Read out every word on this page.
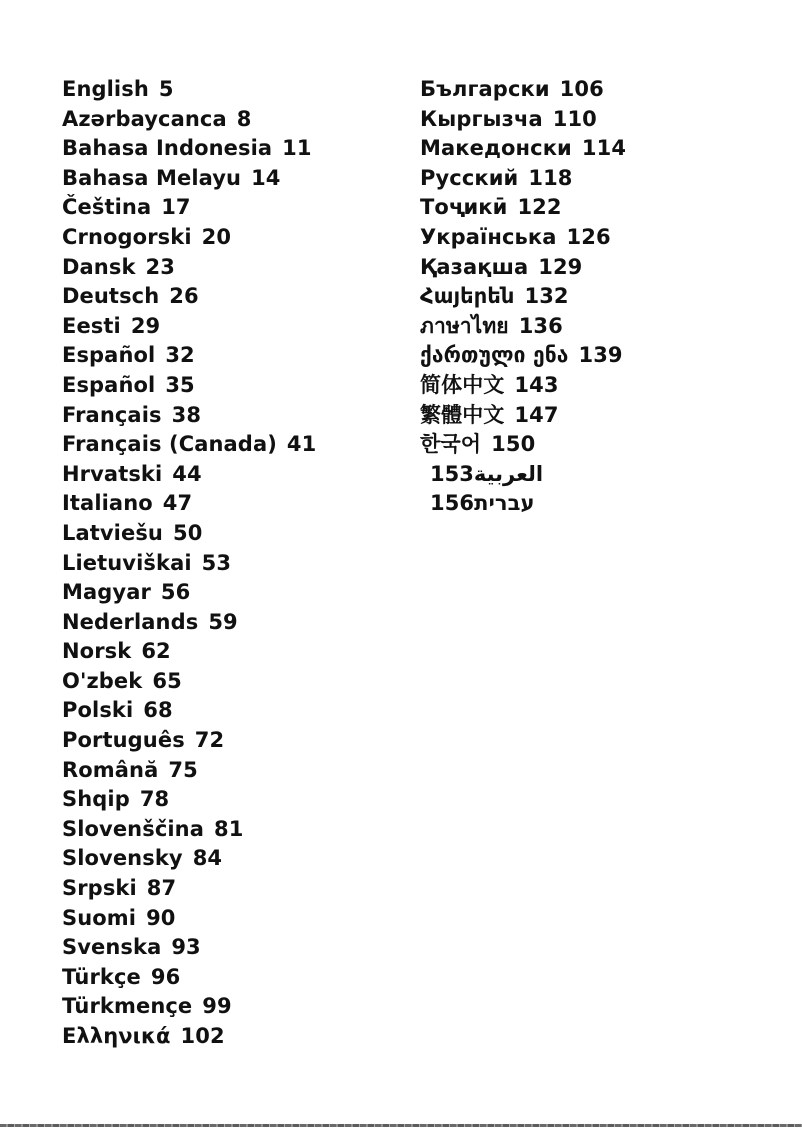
English 5
Azərbaycanca 8
Bahasa Indonesia 11
Bahasa Melayu 14
Čeština 17
Crnogorski 20
Dansk 23
Deutsch 26
Eesti 29
Español 32
Español 35
Français 38
Français (Canada) 41
Hrvatski 44
Italiano 47
Latviešu 50
Lietuviškai 53
Magyar 56
Nederlands 59
Norsk 62
O'zbek 65
Polski 68
Português 72
Română 75
Shqip 78
Slovenščina 81
Slovensky 84
Srpski 87
Suomi 90
Svenska 93
Türkçe 96
Türkmençe 99
Ελληνικά 102
Български 106
Кыргызча 110
Македонски 114
Русский 118
Тоҷикӣ 122
Українська 126
Қазақша 129
Հայերեն 132
ภาษาไทย 136
ქართული ენა 139
简体中文 143
繁體中文 147
한국어 150
العربية153
עברית156
